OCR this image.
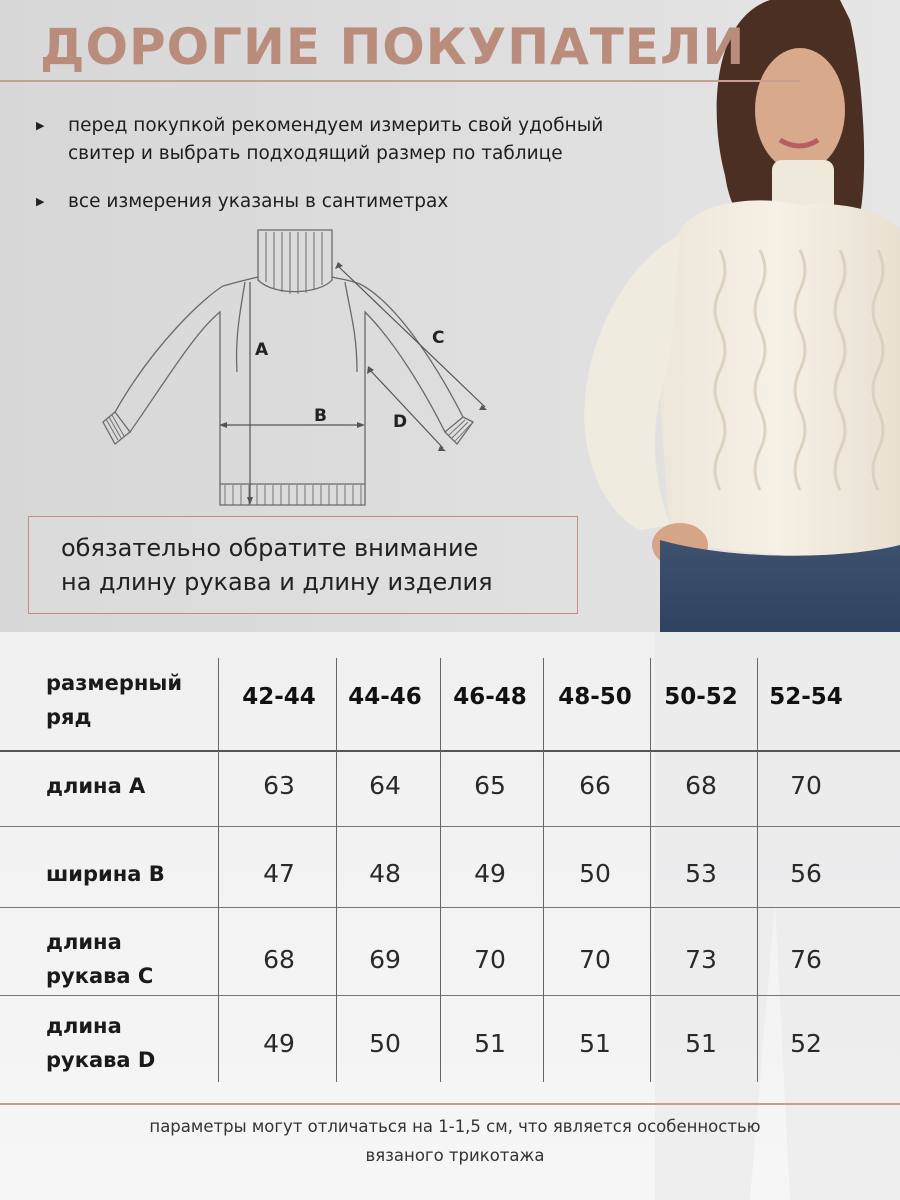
ДОРОГИЕ ПОКУПАТЕЛИ
▶ перед покупкой рекомендуем измерить свой удобный
свитер и выбрать подходящий размер по таблице
▶ все измерения указаны в сантиметрах
A
B
C
D
обязательно обратите внимание
на длину рукава и длину изделия
размерный
ряд
42-44	44-46	46-48	48-50	50-52	52-54
длина A	63	64	65	66	68	70
ширина B	47	48	49	50	53	56
длина
рукава C
68	69	70	70	73	76
длина
рукава D
49	50	51	51	51	52
параметры могут отличаться на 1-1,5 см, что является особенностью
вязаного трикотажа
